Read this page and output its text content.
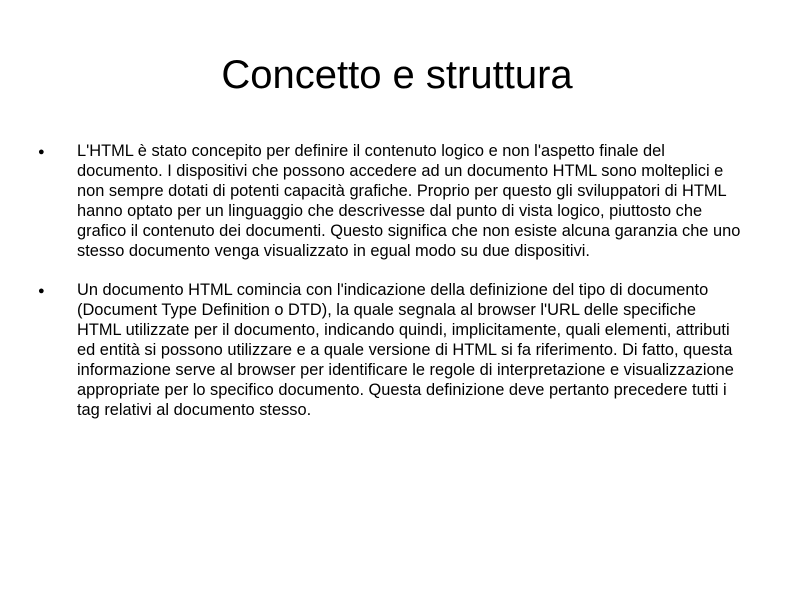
Concetto e struttura
● L'HTML è stato concepito per definire il contenuto logico e non l'aspetto finale del documento. I dispositivi che possono accedere ad un documento HTML sono molteplici e non sempre dotati di potenti capacità grafiche. Proprio per questo gli sviluppatori di HTML hanno optato per un linguaggio che descrivesse dal punto di vista logico, piuttosto che grafico il contenuto dei documenti. Questo significa che non esiste alcuna garanzia che uno stesso documento venga visualizzato in egual modo su due dispositivi.
● Un documento HTML comincia con l'indicazione della definizione del tipo di documento (Document Type Definition o DTD), la quale segnala al browser l'URL delle specifiche HTML utilizzate per il documento, indicando quindi, implicitamente, quali elementi, attributi ed entità si possono utilizzare e a quale versione di HTML si fa riferimento. Di fatto, questa informazione serve al browser per identificare le regole di interpretazione e visualizzazione appropriate per lo specifico documento. Questa definizione deve pertanto precedere tutti i tag relativi al documento stesso.
